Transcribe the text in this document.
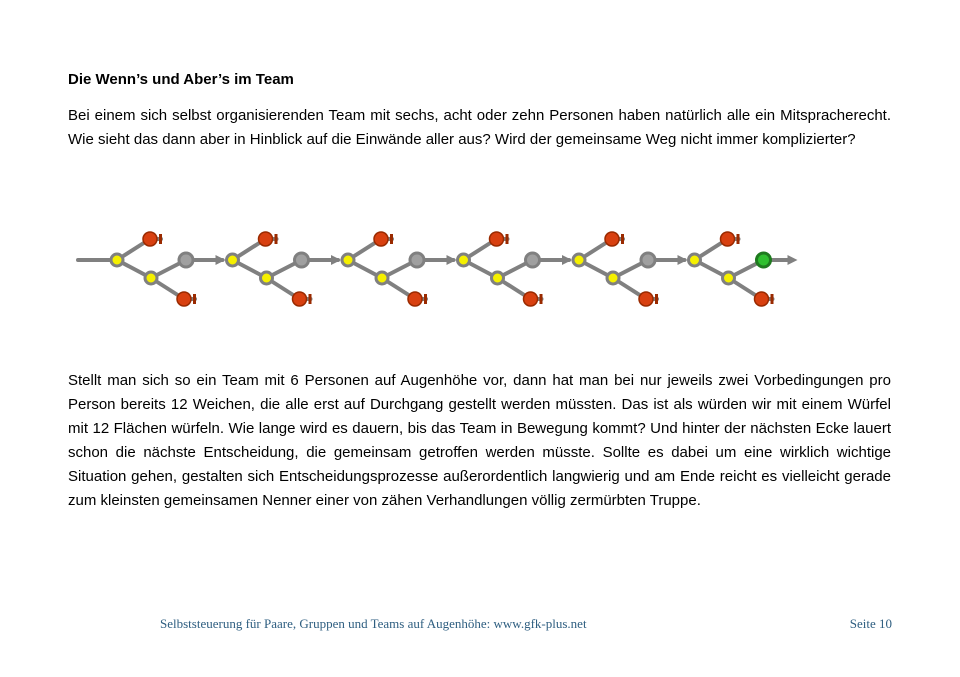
Die Wenn’s und Aber’s im Team

Bei einem sich selbst organisierenden Team mit sechs, acht oder zehn Personen haben natürlich alle ein Mitspracherecht. Wie sieht das dann aber in Hinblick auf die Einwände aller aus? Wird der gemeinsame Weg nicht immer komplizierter?

Stellt man sich so ein Team mit 6 Personen auf Augenhöhe vor, dann hat man bei nur jeweils zwei Vorbedingungen pro Person bereits 12 Weichen, die alle erst auf Durchgang gestellt werden müssten. Das ist als würden wir mit einem Würfel mit 12 Flächen würfeln. Wie lange wird es dauern, bis das Team in Bewegung kommt? Und hinter der nächsten Ecke lauert schon die nächste Entscheidung, die gemeinsam getroffen werden müsste. Sollte es dabei um eine wirklich wichtige Situation gehen, gestalten sich Entscheidungsprozesse außerordentlich langwierig und am Ende reicht es vielleicht gerade zum kleinsten gemeinsamen Nenner einer von zähen Verhandlungen völlig zermürbten Truppe.

Selbststeuerung für Paare, Gruppen und Teams auf Augenhöhe: www.gfk-plus.net	Seite 10
